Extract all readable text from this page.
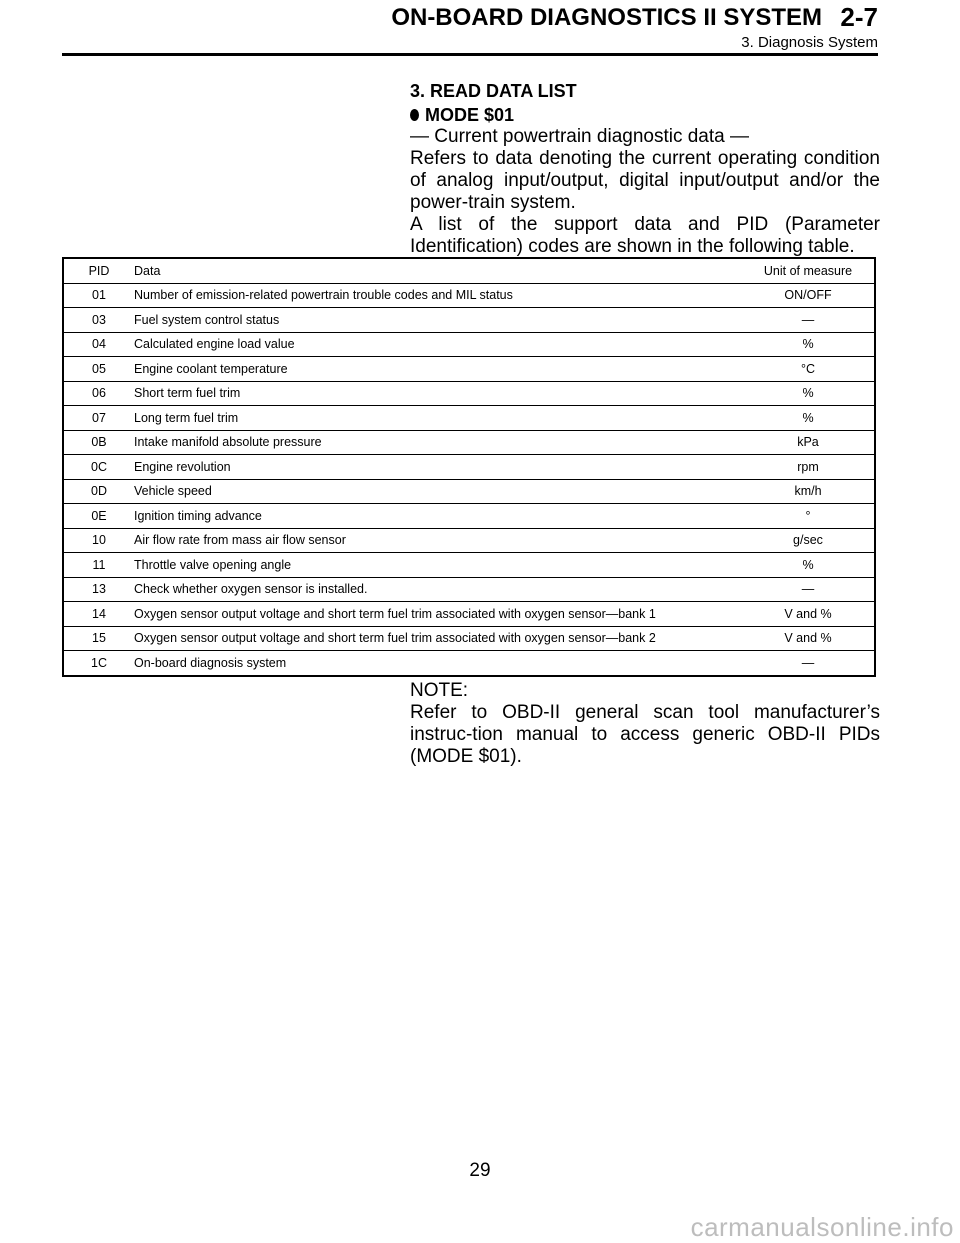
ON-BOARD DIAGNOSTICS II SYSTEM 2-7
3. Diagnosis System
3. READ DATA LIST
MODE $01

— Current powertrain diagnostic data —

Refers to data denoting the current operating condition of analog input/output, digital input/output and/or the power-train system.

A list of the support data and PID (Parameter Identification) codes are shown in the following table.

PID	Data	Unit of measure
01	Number of emission-related powertrain trouble codes and MIL status	ON/OFF
03	Fuel system control status	—
04	Calculated engine load value	%
05	Engine coolant temperature	°C
06	Short term fuel trim	%
07	Long term fuel trim	%
0B	Intake manifold absolute pressure	kPa
0C	Engine revolution	rpm
0D	Vehicle speed	km/h
0E	Ignition timing advance	°
10	Air flow rate from mass air flow sensor	g/sec
11	Throttle valve opening angle	%
13	Check whether oxygen sensor is installed.	—
14	Oxygen sensor output voltage and short term fuel trim associated with oxygen sensor—bank 1	V and %
15	Oxygen sensor output voltage and short term fuel trim associated with oxygen sensor—bank 2	V and %
1C	On-board diagnosis system	—

NOTE:

Refer to OBD-II general scan tool manufacturer’s instruc-tion manual to access generic OBD-II PIDs (MODE $01).

29
carmanualsonline.info
